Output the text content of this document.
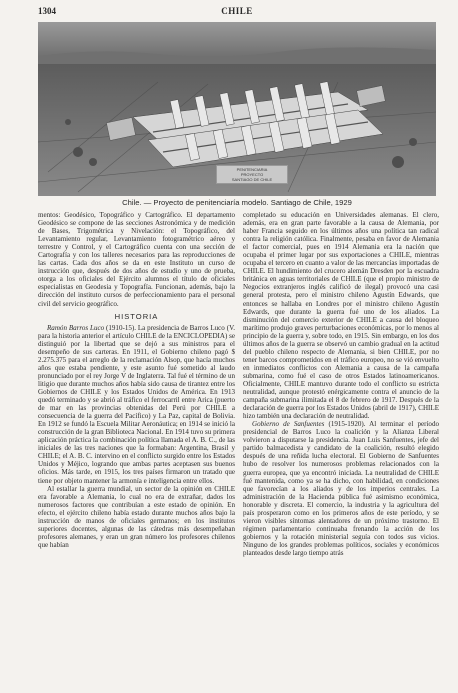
1304	CHILE
PENITENCIARIA
PROYECTO
SANTIAGO DE CHILE
Chile. — Proyecto de penitenciaría modelo. Santiago de Chile, 1929

mentos: Geodésico, Topográfico y Cartográfico. El departamento Geodésico se compone de las secciones Astronómica y de medición de Bases, Trigométrica y Nivelación: el Topográfico, del Levantamiento regular, Levantamiento fotogramétrico aéreo y terrestre y Control, y el Cartográfico cuenta con una sección de Cartografía y con los talleres necesarios para las reproducciones de las cartas. Cada dos años se da en este Instituto un curso de instrucción que, después de dos años de estudio y uno de prueba, otorga a los oficiales del Ejército alumnos el título de oficiales especialistas en Geodesia y Topografía. Funcionan, además, bajo la dirección del instituto cursos de perfeccionamiento para el personal civil del servicio geográfico.

HISTORIA

Ramón Barros Luco (1910-15). La presidencia de Barros Luco (V. para la historia anterior el artículo CHILE de la ENCICLOPEDIA) se distinguió por la libertad que se dejó a sus ministros para el desempeño de sus carteras. En 1911, el Gobierno chileno pagó $ 2.275.375 para el arreglo de la reclamación Alsop, que hacía muchos años que estaba pendiente, y este asunto fué sometido al laudo pronunciado por el rey Jorge V de Inglaterra. Tal fué el término de un litigio que durante muchos años había sido causa de tirantez entre los Gobiernos de CHILE y los Estados Unidos de América. En 1913 quedó terminado y se abrió al tráfico el ferrocarril entre Arica (puerto de mar en las provincias obtenidas del Perú por CHILE a consecuencia de la guerra del Pacífico) y La Paz, capital de Bolivia. En 1912 se fundó la Escuela Militar Aeronáutica; en 1914 se inició la construcción de la gran Biblioteca Nacional. En 1914 tuvo su primera aplicación práctica la combinación política llamada el A. B. C., de las iniciales de las tres naciones que la formaban: Argentina, Brasil y CHILE; el A. B. C. intervino en el conflicto surgido entre los Estados Unidos y Méjico, logrando que ambas partes aceptasen sus buenos oficios. Más tarde, en 1915, los tres países firmaron un tratado que tiene por objeto mantener la armonía e inteligencia entre ellos.

Al estallar la guerra mundial, un sector de la opinión en CHILE era favorable a Alemania, lo cual no era de extrañar, dados los numerosos factores que contribuían a este estado de opinión. En efecto, el ejército chileno había estado durante muchos años bajo la instrucción de manos de oficiales germanos; en los institutos superiores docentes, algunas de las cátedras más desempeñaban profesores alemanes, y eran un gran número los profesores chilenos que habían

completado su educación en Universidades alemanas. El clero, además, era en gran parte favorable a la causa de Alemania, por haber Francia seguido en los últimos años una política tan radical contra la religión católica. Finalmente, pesaba en favor de Alemania el factor comercial, pues en 1914 Alemania era la nación que ocupaba el primer lugar por sus exportaciones a CHILE, mientras ocupaba el tercero en cuanto a valor de las mercancías importadas de CHILE. El hundimiento del crucero alemán Dresden por la escuadra británica en aguas territoriales de CHILE (que el propio ministro de Negocios extranjeros inglés calificó de ilegal) provocó una casi general protesta, pero el ministro chileno Agustín Edwards, que entonces se hallaba en Londres por el ministro chileno Agustín Edwards, que durante la guerra fué uno de los aliados. La disminución del comercio exterior de CHILE a causa del bloqueo marítimo produjo graves perturbaciones económicas, por lo menos al principio de la guerra y, sobre todo, en 1915. Sin embargo, en los dos últimos años de la guerra se observó un cambio gradual en la actitud del pueblo chileno respecto de Alemania, si bien CHILE, por no tener barcos comprometidos en el tráfico europeo, no se vió envuelto en inmediatos conflictos con Alemania a causa de la campaña submarina, como fué el caso de otros Estados latinoamericanos. Oficialmente, CHILE mantuvo durante todo el conflicto su estricta neutralidad, aunque protestó enérgicamente contra el anuncio de la campaña submarina ilimitada el 8 de febrero de 1917. Después de la declaración de guerra por los Estados Unidos (abril de 1917), CHILE hizo también una declaración de neutralidad.

Gobierno de Sanfuentes (1915-1920). Al terminar el período presidencial de Barros Luco la coalición y la Alianza Liberal volvieron a disputarse la presidencia. Juan Luis Sanfuentes, jefe del partido balmacedista y candidato de la coalición, resultó elegido después de una reñida lucha electoral. El Gobierno de Sanfuentes hubo de resolver los numerosos problemas relacionados con la guerra europea, que ya encontró iniciada. La neutralidad de CHILE fué mantenida, como ya se ha dicho, con habilidad, en condiciones que favorecían a los aliados y de los imperios centrales. La administración de la Hacienda pública fué asimismo económica, honorable y discreta. El comercio, la industria y la agricultura del país prosperaron como en los primeros años de este período, y se vieron visibles síntomas alentadores de un próximo trastorno. El régimen parlamentario continuaba frenando la acción de los gobiernos y la rotación ministerial seguía con todos sus vicios. Ninguno de los grandes problemas políticos, sociales y económicos planteados desde largo tiempo atrás
